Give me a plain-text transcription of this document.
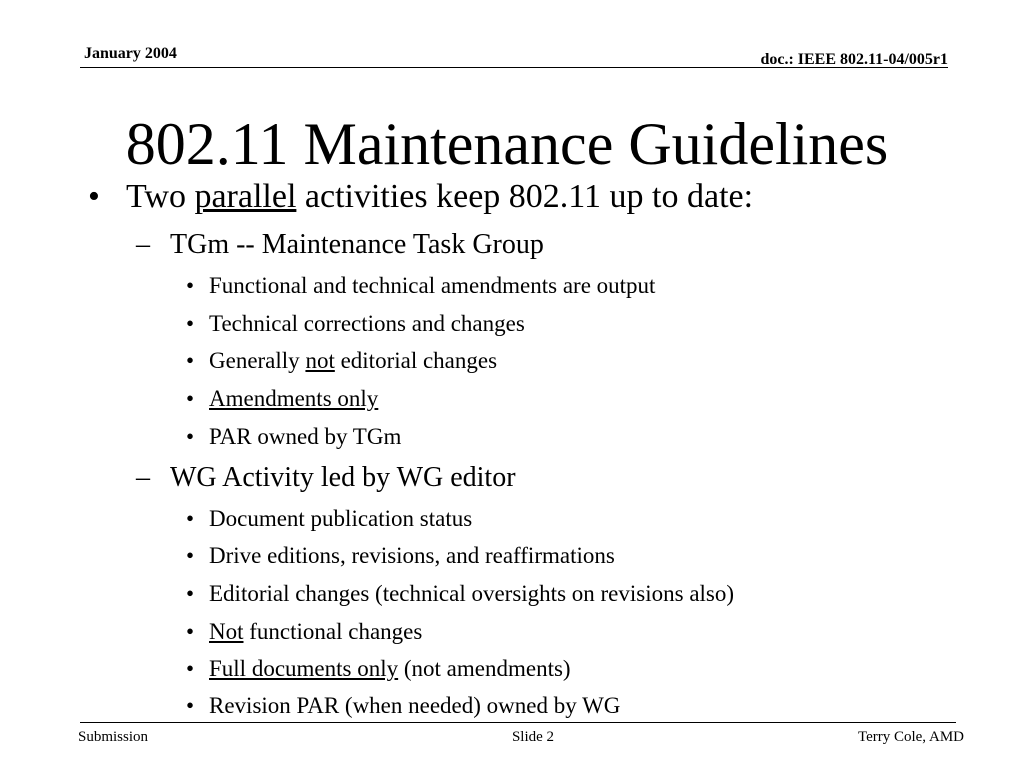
January 2004	doc.: IEEE 802.11-04/005r1
802.11 Maintenance Guidelines
• Two parallel activities keep 802.11 up to date:
– TGm -- Maintenance Task Group
• Functional and technical amendments are output
• Technical corrections and changes
• Generally not editorial changes
• Amendments only
• PAR owned by TGm
– WG Activity led by WG editor
• Document publication status
• Drive editions, revisions, and reaffirmations
• Editorial changes (technical oversights on revisions also)
• Not functional changes
• Full documents only (not amendments)
• Revision PAR (when needed) owned by WG
Submission	Slide 2	Terry Cole, AMD
